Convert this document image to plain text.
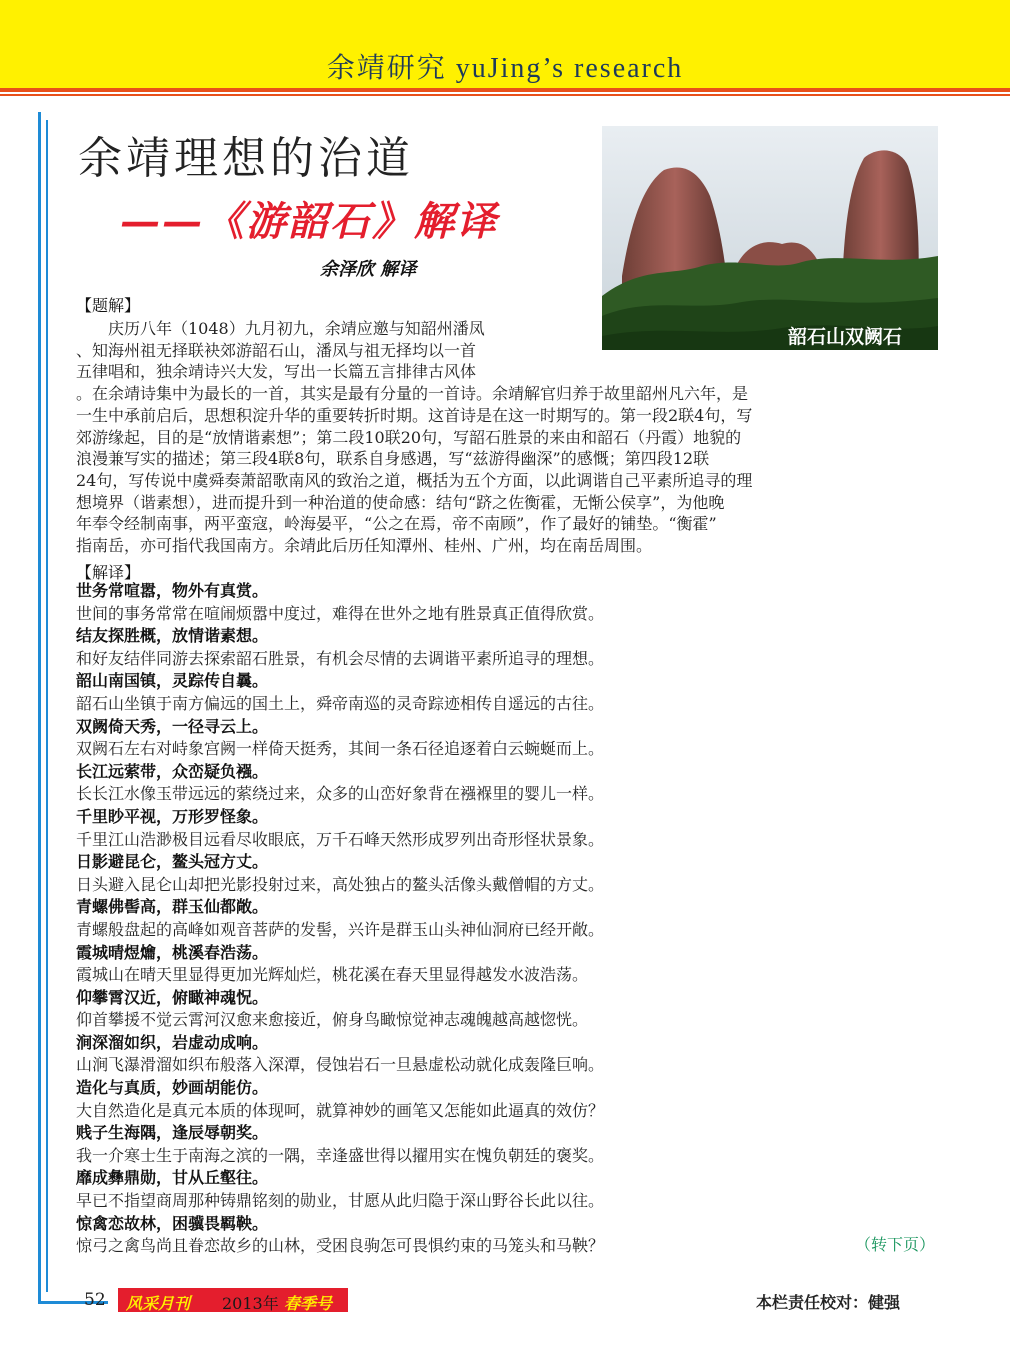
余靖研究 yuJing’s research
余靖理想的治道
——《游韶石》解译
余泽欣 解译
韶石山双阙石
【题解】

　　庆历八年（1048）九月初九，余靖应邀与知韶州潘凤

、知海州祖无择联袂郊游韶石山，潘凤与祖无择均以一首

五律唱和，独余靖诗兴大发，写出一长篇五言排律古风体

。在余靖诗集中为最长的一首，其实是最有分量的一首诗。余靖解官归养于故里韶州凡六年，是

一生中承前启后，思想积淀升华的重要转折时期。这首诗是在这一时期写的。第一段2联4句，写

郊游缘起，目的是“放情谐素想”；第二段10联20句，写韶石胜景的来由和韶石（丹霞）地貌的

浪漫兼写实的描述；第三段4联8句，联系自身感遇，写“兹游得幽深”的感慨；第四段12联

24句，写传说中虞舜奏萧韶歌南风的致治之道，概括为五个方面，以此调谐自己平素所追寻的理

想境界（谐素想），进而提升到一种治道的使命感：结句“跻之佐衡霍，无惭公侯享”，为他晚

年奉令经制南事，两平蛮寇，岭海晏平，“公之在焉，帝不南顾”，作了最好的铺垫。“衡霍”

指南岳，亦可指代我国南方。余靖此后历任知潭州、桂州、广州，均在南岳周围。

【解译】
世务常喧嚣，物外有真赏。
世间的事务常常在喧闹烦嚣中度过，难得在世外之地有胜景真正值得欣赏。
结友探胜概，放情谐素想。
和好友结伴同游去探索韶石胜景，有机会尽情的去调谐平素所追寻的理想。
韶山南国镇，灵踪传自曩。
韶石山坐镇于南方偏远的国土上，舜帝南巡的灵奇踪迹相传自遥远的古往。
双阙倚天秀，一径寻云上。
双阙石左右对峙象宫阙一样倚天挺秀，其间一条石径追逐着白云蜿蜒而上。
长江远萦带，众峦疑负襁。
长长江水像玉带远远的萦绕过来，众多的山峦好象背在襁褓里的婴儿一样。
千里眇平视，万形罗怪象。
千里江山浩渺极目远看尽收眼底，万千石峰天然形成罗列出奇形怪状景象。
日影避昆仑，鳌头冠方丈。
日头避入昆仑山却把光影投射过来，高处独占的鳌头活像头戴僧帽的方丈。
青螺佛髻高，群玉仙都敞。
青螺般盘起的高峰如观音菩萨的发髻，兴许是群玉山头神仙洞府已经开敞。
霞城晴煜爚，桃溪春浩荡。
霞城山在晴天里显得更加光辉灿烂，桃花溪在春天里显得越发水波浩荡。
仰攀霄汉近，俯瞰神魂怳。
仰首攀援不觉云霄河汉愈来愈接近，俯身鸟瞰惊觉神志魂魄越高越惚恍。
涧深溜如织，岩虚动成响。
山涧飞瀑滑溜如织布般落入深潭，侵蚀岩石一旦悬虚松动就化成轰隆巨响。
造化与真质，妙画胡能仿。
大自然造化是真元本质的体现呵，就算神妙的画笔又怎能如此逼真的效仿？
贱子生海隅，逢辰辱朝奖。
我一介寒士生于南海之滨的一隅，幸逢盛世得以擢用实在愧负朝廷的褒奖。
靡成彝鼎勋，甘从丘壑往。
早已不指望商周那种铸鼎铭刻的勋业，甘愿从此归隐于深山野谷长此以往。
惊禽恋故林，困骥畏羁鞅。
惊弓之禽鸟尚且眷恋故乡的山林，受困良驹怎可畏惧约束的马笼头和马鞅？	（转下页）
52 风采月刊 2013年 春季号	本栏责任校对：健强
